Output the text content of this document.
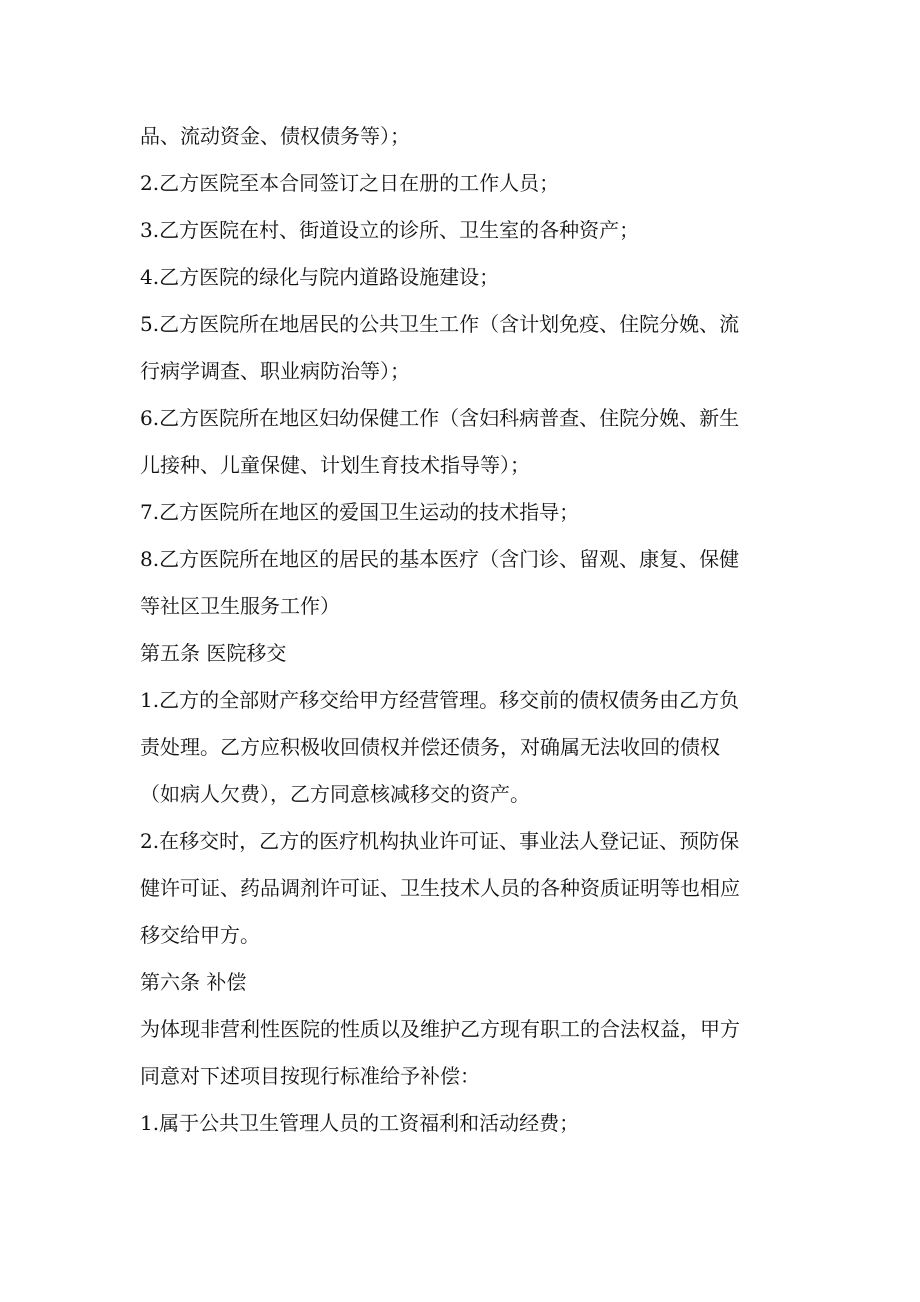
品、流动资金、债权债务等）；

2.乙方医院至本合同签订之日在册的工作人员；

3.乙方医院在村、街道设立的诊所、卫生室的各种资产；

4.乙方医院的绿化与院内道路设施建设；

5.乙方医院所在地居民的公共卫生工作（含计划免疫、住院分娩、流

行病学调查、职业病防治等）；

6.乙方医院所在地区妇幼保健工作（含妇科病普查、住院分娩、新生

儿接种、儿童保健、计划生育技术指导等）；

7.乙方医院所在地区的爱国卫生运动的技术指导；

8.乙方医院所在地区的居民的基本医疗（含门诊、留观、康复、保健

等社区卫生服务工作）

第五条 医院移交

1.乙方的全部财产移交给甲方经营管理。移交前的债权债务由乙方负

责处理。乙方应积极收回债权并偿还债务，对确属无法收回的债权

（如病人欠费），乙方同意核减移交的资产。

2.在移交时，乙方的医疗机构执业许可证、事业法人登记证、预防保

健许可证、药品调剂许可证、卫生技术人员的各种资质证明等也相应

移交给甲方。

第六条 补偿

为体现非营利性医院的性质以及维护乙方现有职工的合法权益，甲方

同意对下述项目按现行标准给予补偿：

1.属于公共卫生管理人员的工资福利和活动经费；
